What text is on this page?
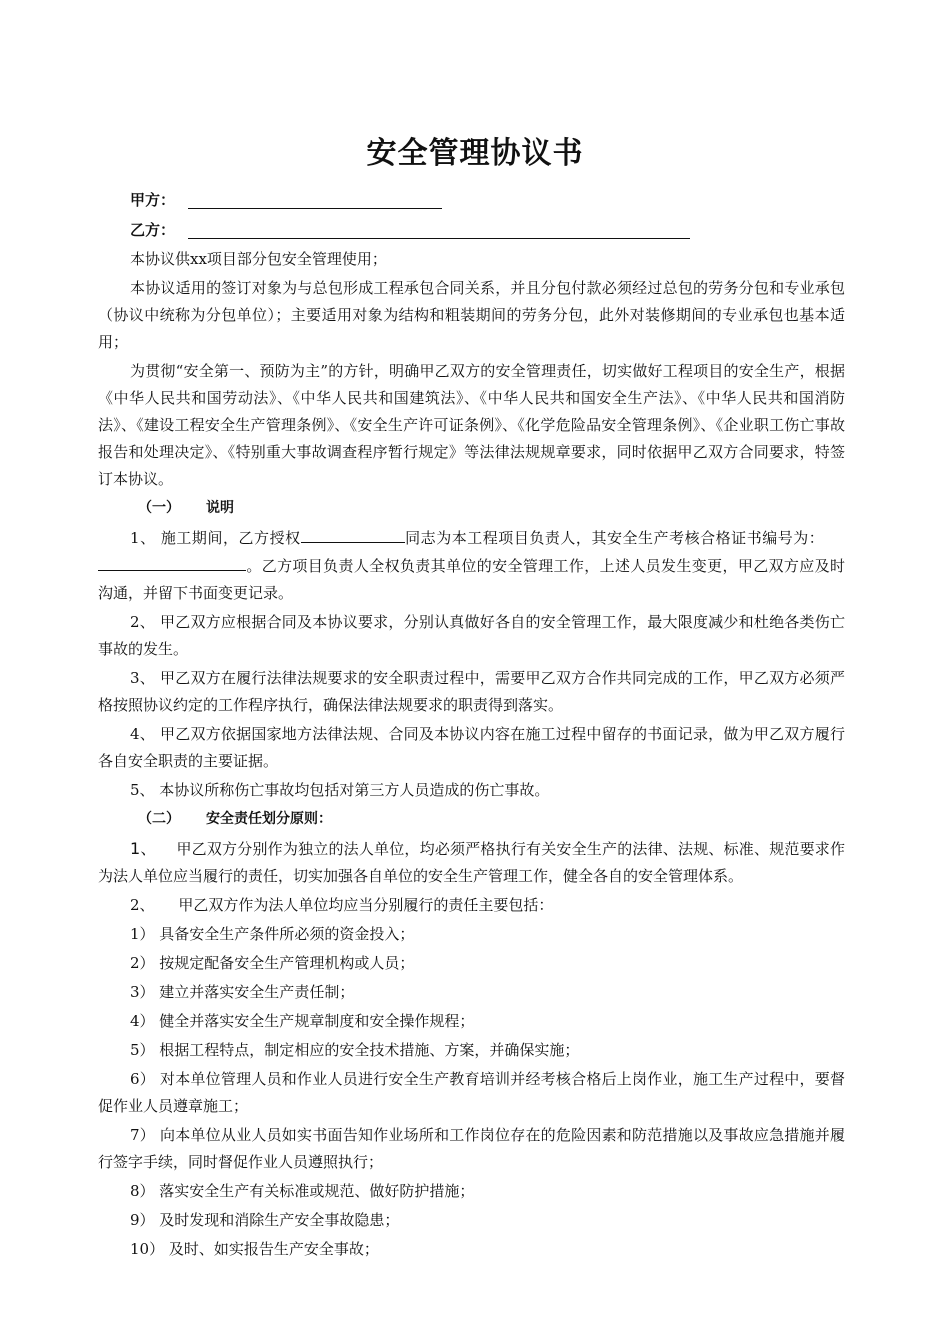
安全管理协议书
甲方：
乙方：

本协议供xx项目部分包安全管理使用；

本协议适用的签订对象为与总包形成工程承包合同关系，并且分包付款必须经过总包的劳务分包和专业承包（协议中统称为分包单位）；主要适用对象为结构和粗装期间的劳务分包，此外对装修期间的专业承包也基本适用；

为贯彻“安全第一、预防为主”的方针，明确甲乙双方的安全管理责任，切实做好工程项目的安全生产，根据《中华人民共和国劳动法》、《中华人民共和国建筑法》、《中华人民共和国安全生产法》、《中华人民共和国消防法》、《建设工程安全生产管理条例》、《安全生产许可证条例》、《化学危险品安全管理条例》、《企业职工伤亡事故报告和处理决定》、《特别重大事故调查程序暂行规定》等法律法规规章要求，同时依据甲乙双方合同要求，特签订本协议。

（一） 说明

1、 施工期间，乙方授权	同志为本工程项目负责人，其安全生产考核合格证书编号为：    。乙方项目负责人全权负责其单位的安全管理工作，上述人员发生变更，甲乙双方应及时沟通，并留下书面变更记录。

2、 甲乙双方应根据合同及本协议要求，分别认真做好各自的安全管理工作，最大限度减少和杜绝各类伤亡事故的发生。

3、 甲乙双方在履行法律法规要求的安全职责过程中，需要甲乙双方合作共同完成的工作，甲乙双方必须严格按照协议约定的工作程序执行，确保法律法规要求的职责得到落实。

4、 甲乙双方依据国家地方法律法规、合同及本协议内容在施工过程中留存的书面记录，做为甲乙双方履行各自安全职责的主要证据。

5、 本协议所称伤亡事故均包括对第三方人员造成的伤亡事故。

（二） 安全责任划分原则：

1、 甲乙双方分别作为独立的法人单位，均必须严格执行有关安全生产的法律、法规、标准、规范要求作为法人单位应当履行的责任，切实加强各自单位的安全生产管理工作，健全各自的安全管理体系。

2、 甲乙双方作为法人单位均应当分别履行的责任主要包括：

1） 具备安全生产条件所必须的资金投入；

2） 按规定配备安全生产管理机构或人员；

3） 建立并落实安全生产责任制；

4） 健全并落实安全生产规章制度和安全操作规程；

5） 根据工程特点，制定相应的安全技术措施、方案，并确保实施；

6） 对本单位管理人员和作业人员进行安全生产教育培训并经考核合格后上岗作业，施工生产过程中，要督促作业人员遵章施工；

7） 向本单位从业人员如实书面告知作业场所和工作岗位存在的危险因素和防范措施以及事故应急措施并履行签字手续，同时督促作业人员遵照执行；

8） 落实安全生产有关标准或规范、做好防护措施；

9） 及时发现和消除生产安全事故隐患；

10） 及时、如实报告生产安全事故；
